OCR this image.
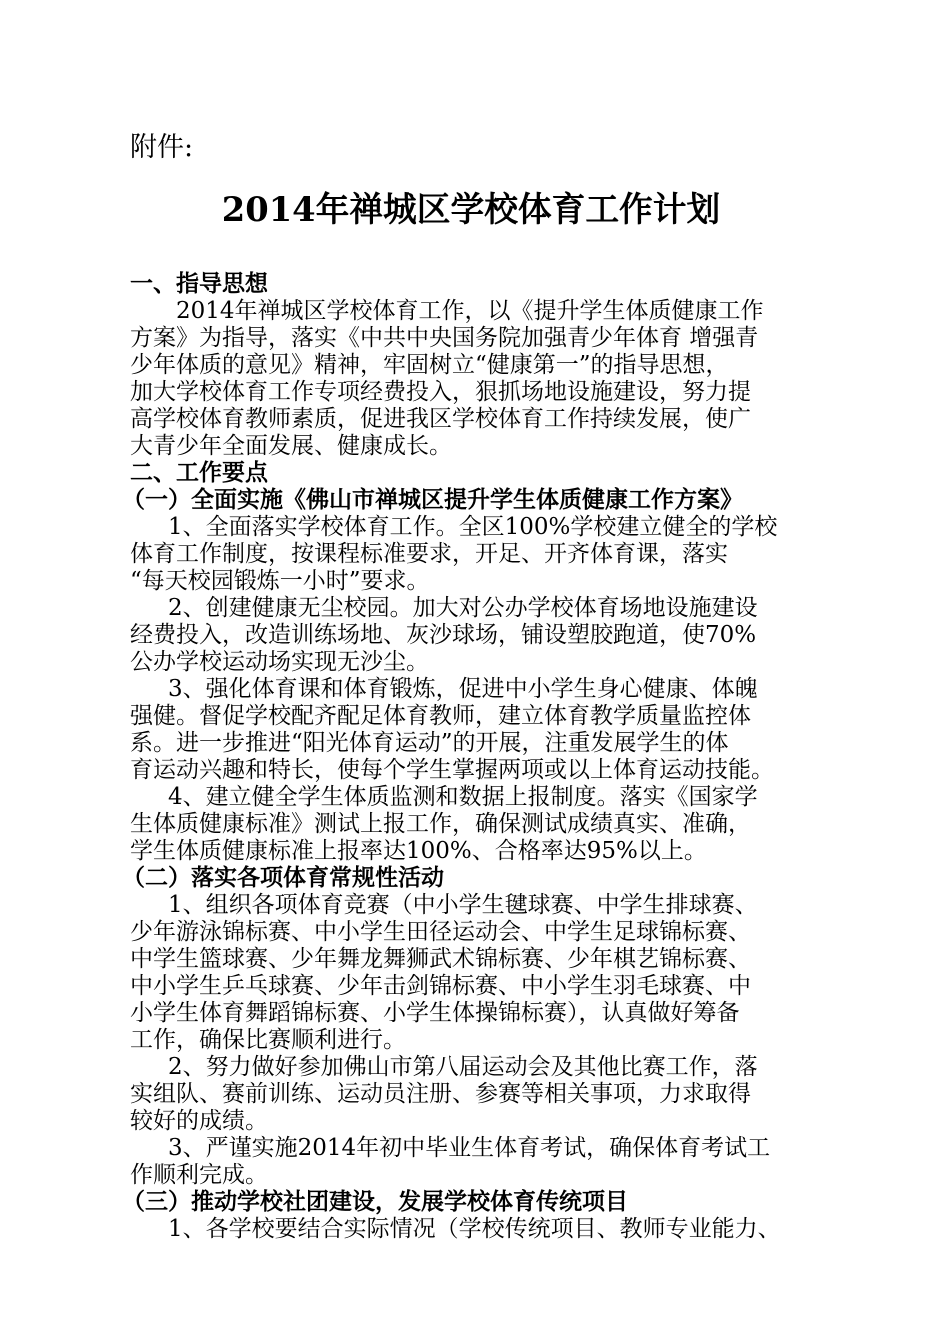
附件:
2014年禅城区学校体育工作计划
一、指导思想
2014年禅城区学校体育工作，以《提升学生体质健康工作
方案》为指导，落实《中共中央国务院加强青少年体育 增强青
少年体质的意见》精神，牢固树立“健康第一”的指导思想，
加大学校体育工作专项经费投入，狠抓场地设施建设，努力提
高学校体育教师素质，促进我区学校体育工作持续发展，使广
大青少年全面发展、健康成长。
二、工作要点
（一）全面实施《佛山市禅城区提升学生体质健康工作方案》
1、全面落实学校体育工作。全区100%学校建立健全的学校
体育工作制度，按课程标准要求，开足、开齐体育课，落实
“每天校园锻炼一小时”要求。
2、创建健康无尘校园。加大对公办学校体育场地设施建设
经费投入，改造训练场地、灰沙球场，铺设塑胶跑道，使70%
公办学校运动场实现无沙尘。
3、强化体育课和体育锻炼，促进中小学生身心健康、体魄
强健。督促学校配齐配足体育教师，建立体育教学质量监控体
系。进一步推进“阳光体育运动”的开展，注重发展学生的体
育运动兴趣和特长，使每个学生掌握两项或以上体育运动技能。
4、建立健全学生体质监测和数据上报制度。落实《国家学
生体质健康标准》测试上报工作，确保测试成绩真实、准确，
学生体质健康标准上报率达100%、合格率达95%以上。
（二）落实各项体育常规性活动
1、组织各项体育竞赛（中小学生毽球赛、中学生排球赛、
少年游泳锦标赛、中小学生田径运动会、中学生足球锦标赛、
中学生篮球赛、少年舞龙舞狮武术锦标赛、少年棋艺锦标赛、
中小学生乒乓球赛、少年击剑锦标赛、中小学生羽毛球赛、中
小学生体育舞蹈锦标赛、小学生体操锦标赛），认真做好筹备
工作，确保比赛顺利进行。
2、努力做好参加佛山市第八届运动会及其他比赛工作，落
实组队、赛前训练、运动员注册、参赛等相关事项，力求取得
较好的成绩。
3、严谨实施2014年初中毕业生体育考试，确保体育考试工
作顺利完成。
（三）推动学校社团建设，发展学校体育传统项目
1、各学校要结合实际情况（学校传统项目、教师专业能力、
